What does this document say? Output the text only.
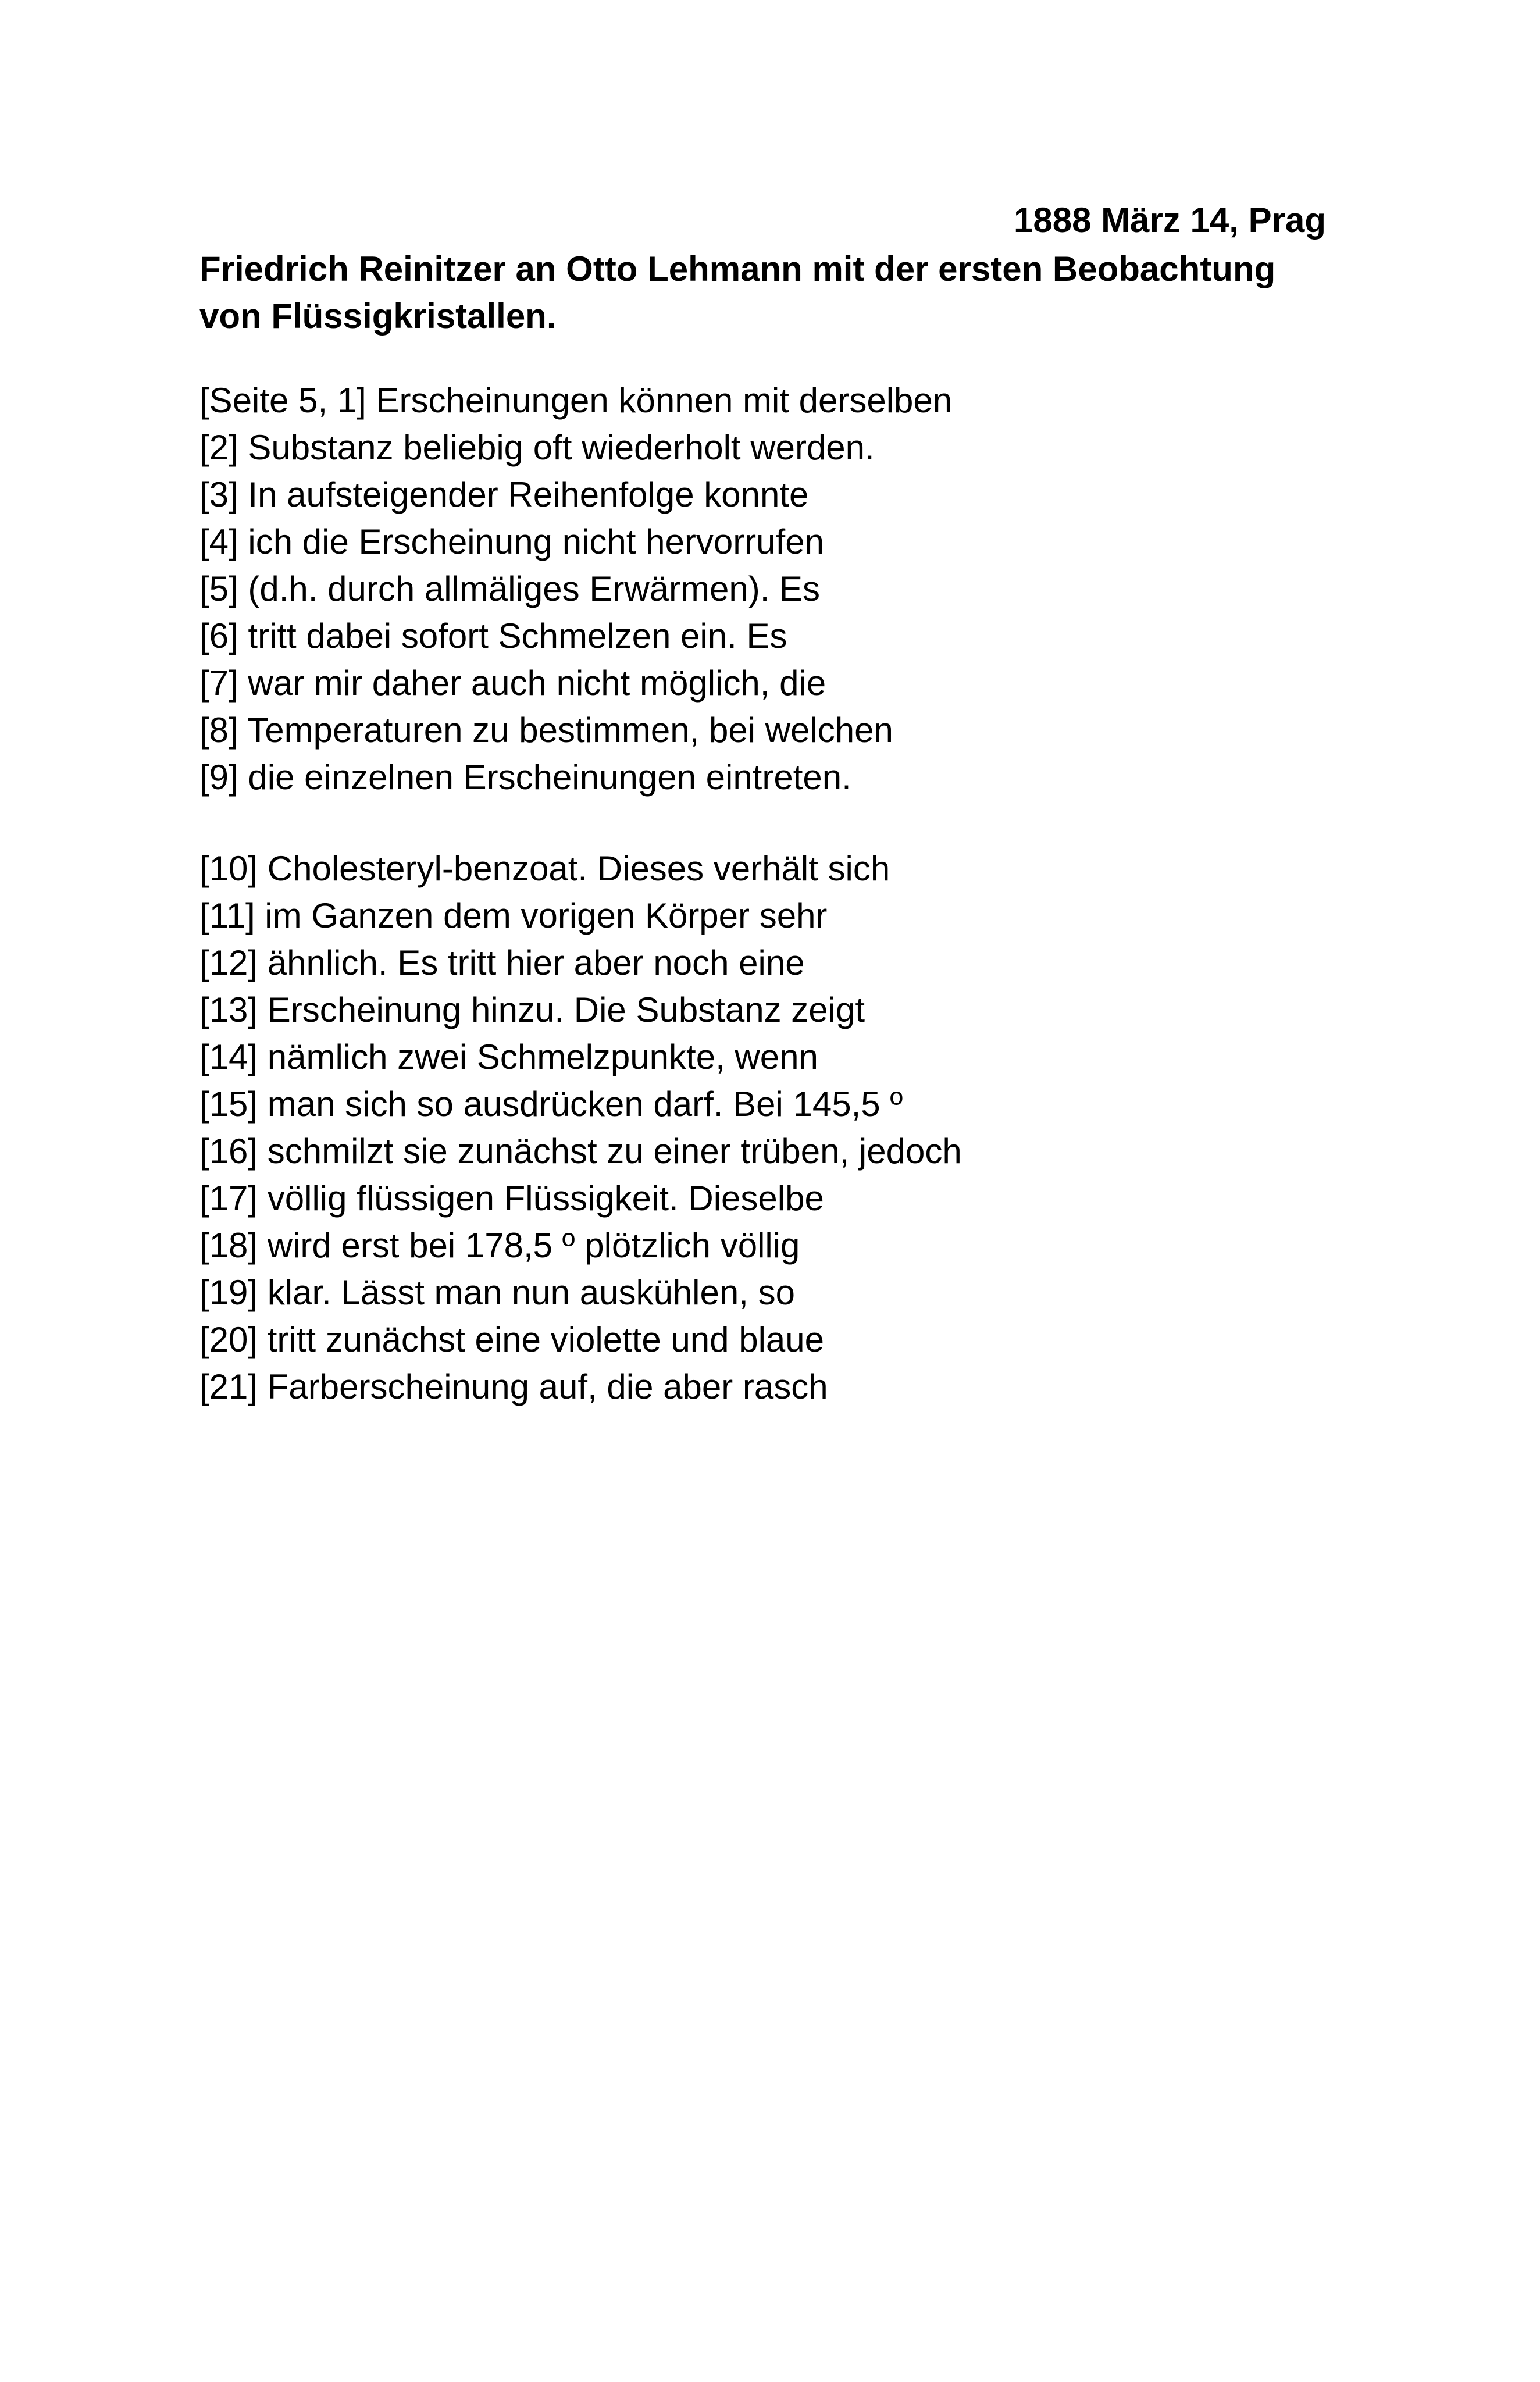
1888 März 14, Prag
Friedrich Reinitzer an Otto Lehmann mit der ersten Beobachtung von Flüssigkristallen.
[Seite 5, 1] Erscheinungen können mit derselben
[2] Substanz beliebig oft wiederholt werden.
[3] In aufsteigender Reihenfolge konnte
[4] ich die Erscheinung nicht hervorrufen
[5] (d.h. durch allmäliges Erwärmen). Es
[6] tritt dabei sofort Schmelzen ein. Es
[7] war mir daher auch nicht möglich, die
[8] Temperaturen zu bestimmen, bei welchen
[9] die einzelnen Erscheinungen eintreten.
[10] Cholesteryl-benzoat. Dieses verhält sich
[11] im Ganzen dem vorigen Körper sehr
[12] ähnlich. Es tritt hier aber noch eine
[13] Erscheinung hinzu. Die Substanz zeigt
[14] nämlich zwei Schmelzpunkte, wenn
[15] man sich so ausdrücken darf. Bei 145,5 º
[16] schmilzt sie zunächst zu einer trüben, jedoch
[17] völlig flüssigen Flüssigkeit. Dieselbe
[18] wird erst bei 178,5 º plötzlich völlig
[19] klar. Lässt man nun auskühlen, so
[20] tritt zunächst eine violette und blaue
[21] Farberscheinung auf, die aber rasch
